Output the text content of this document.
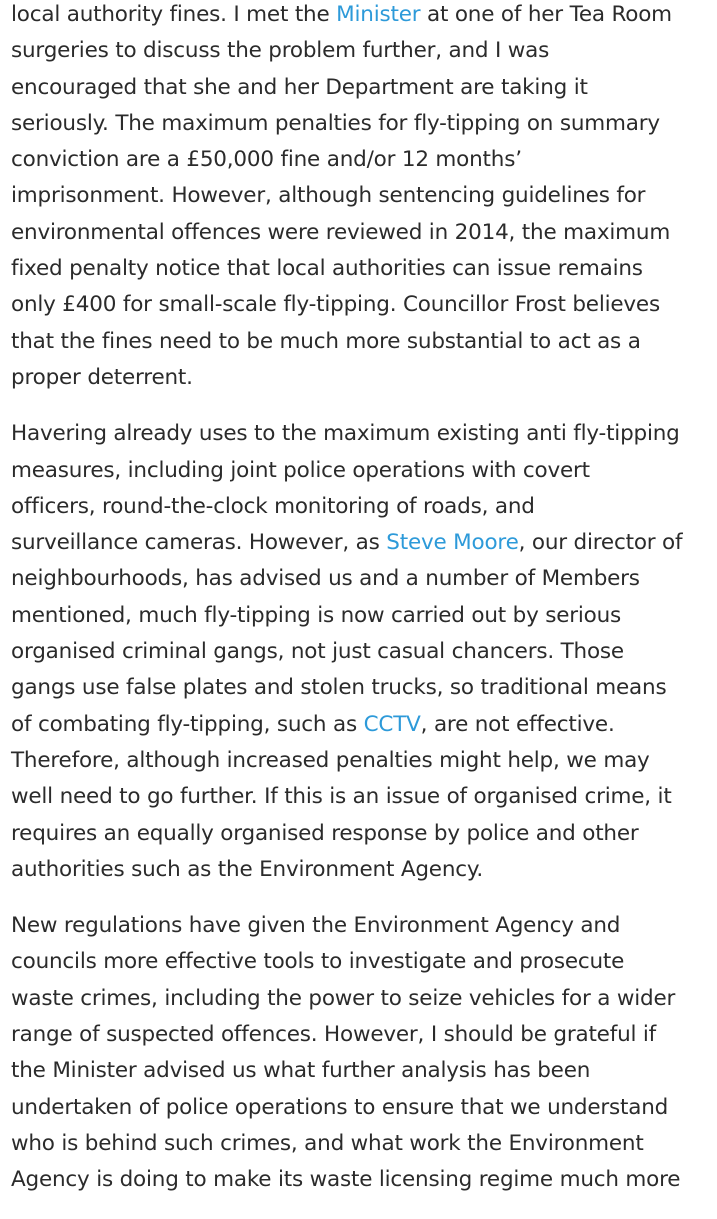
local authority fines. I met the Minister at one of her Tea Room
surgeries to discuss the problem further, and I was
encouraged that she and her Department are taking it
seriously. The maximum penalties for fly-tipping on summary
conviction are a £50,000 fine and/or 12 months’
imprisonment. However, although sentencing guidelines for
environmental offences were reviewed in 2014, the maximum
fixed penalty notice that local authorities can issue remains
only £400 for small-scale fly-tipping. Councillor Frost believes
that the fines need to be much more substantial to act as a
proper deterrent.

Havering already uses to the maximum existing anti fly-tipping
measures, including joint police operations with covert
officers, round-the-clock monitoring of roads, and
surveillance cameras. However, as Steve Moore, our director of
neighbourhoods, has advised us and a number of Members
mentioned, much fly-tipping is now carried out by serious
organised criminal gangs, not just casual chancers. Those
gangs use false plates and stolen trucks, so traditional means
of combating fly-tipping, such as CCTV, are not effective.
Therefore, although increased penalties might help, we may
well need to go further. If this is an issue of organised crime, it
requires an equally organised response by police and other
authorities such as the Environment Agency.

New regulations have given the Environment Agency and
councils more effective tools to investigate and prosecute
waste crimes, including the power to seize vehicles for a wider
range of suspected offences. However, I should be grateful if
the Minister advised us what further analysis has been
undertaken of police operations to ensure that we understand
who is behind such crimes, and what work the Environment
Agency is doing to make its waste licensing regime much more
